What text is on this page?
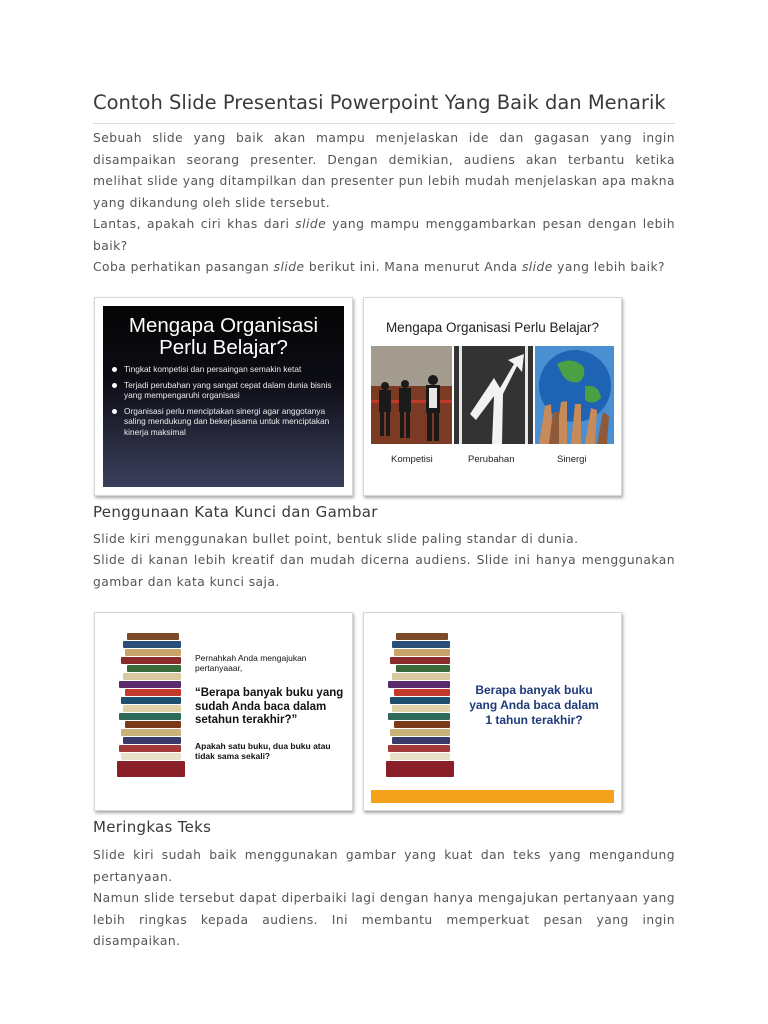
Contoh Slide Presentasi Powerpoint Yang Baik dan Menarik

Sebuah slide yang baik akan mampu menjelaskan ide dan gagasan yang ingin disampaikan seorang presenter. Dengan demikian, audiens akan terbantu ketika melihat slide yang ditampilkan dan presenter pun lebih mudah menjelaskan apa makna yang dikandung oleh slide tersebut.

Lantas, apakah ciri khas dari slide yang mampu menggambarkan pesan dengan lebih baik?

Coba perhatikan pasangan slide berikut ini. Mana menurut Anda slide yang lebih baik?

Penggunaan Kata Kunci dan Gambar

Slide kiri menggunakan bullet point, bentuk slide paling standar di dunia.

Slide di kanan lebih kreatif dan mudah dicerna audiens. Slide ini hanya menggunakan gambar dan kata kunci saja.

Meringkas Teks

Slide kiri sudah baik menggunakan gambar yang kuat dan teks yang mengandung pertanyaan.

Namun slide tersebut dapat diperbaiki lagi dengan hanya mengajukan pertanyaan yang lebih ringkas kepada audiens. Ini membantu memperkuat pesan yang ingin disampaikan.

Mengapa Organisasi
Perlu Belajar?
Tingkat kompetisi dan persaingan semakin ketat
Terjadi perubahan yang sangat cepat dalam dunia bisnis yang mempengaruhi organisasi
Organisasi perlu menciptakan sinergi agar anggotanya saling mendukung dan bekerjasama untuk menciptakan kinerja maksimal
Mengapa Organisasi Perlu Belajar?
Kompetisi	Perubahan	Sinergi
Pernahkah Anda mengajukan pertanyaaar,
“Berapa banyak buku yang sudah Anda baca dalam setahun terakhir?”
Apakah satu buku, dua buku atau tidak sama sekali?
Berapa banyak buku yang Anda baca dalam 1 tahun terakhir?
